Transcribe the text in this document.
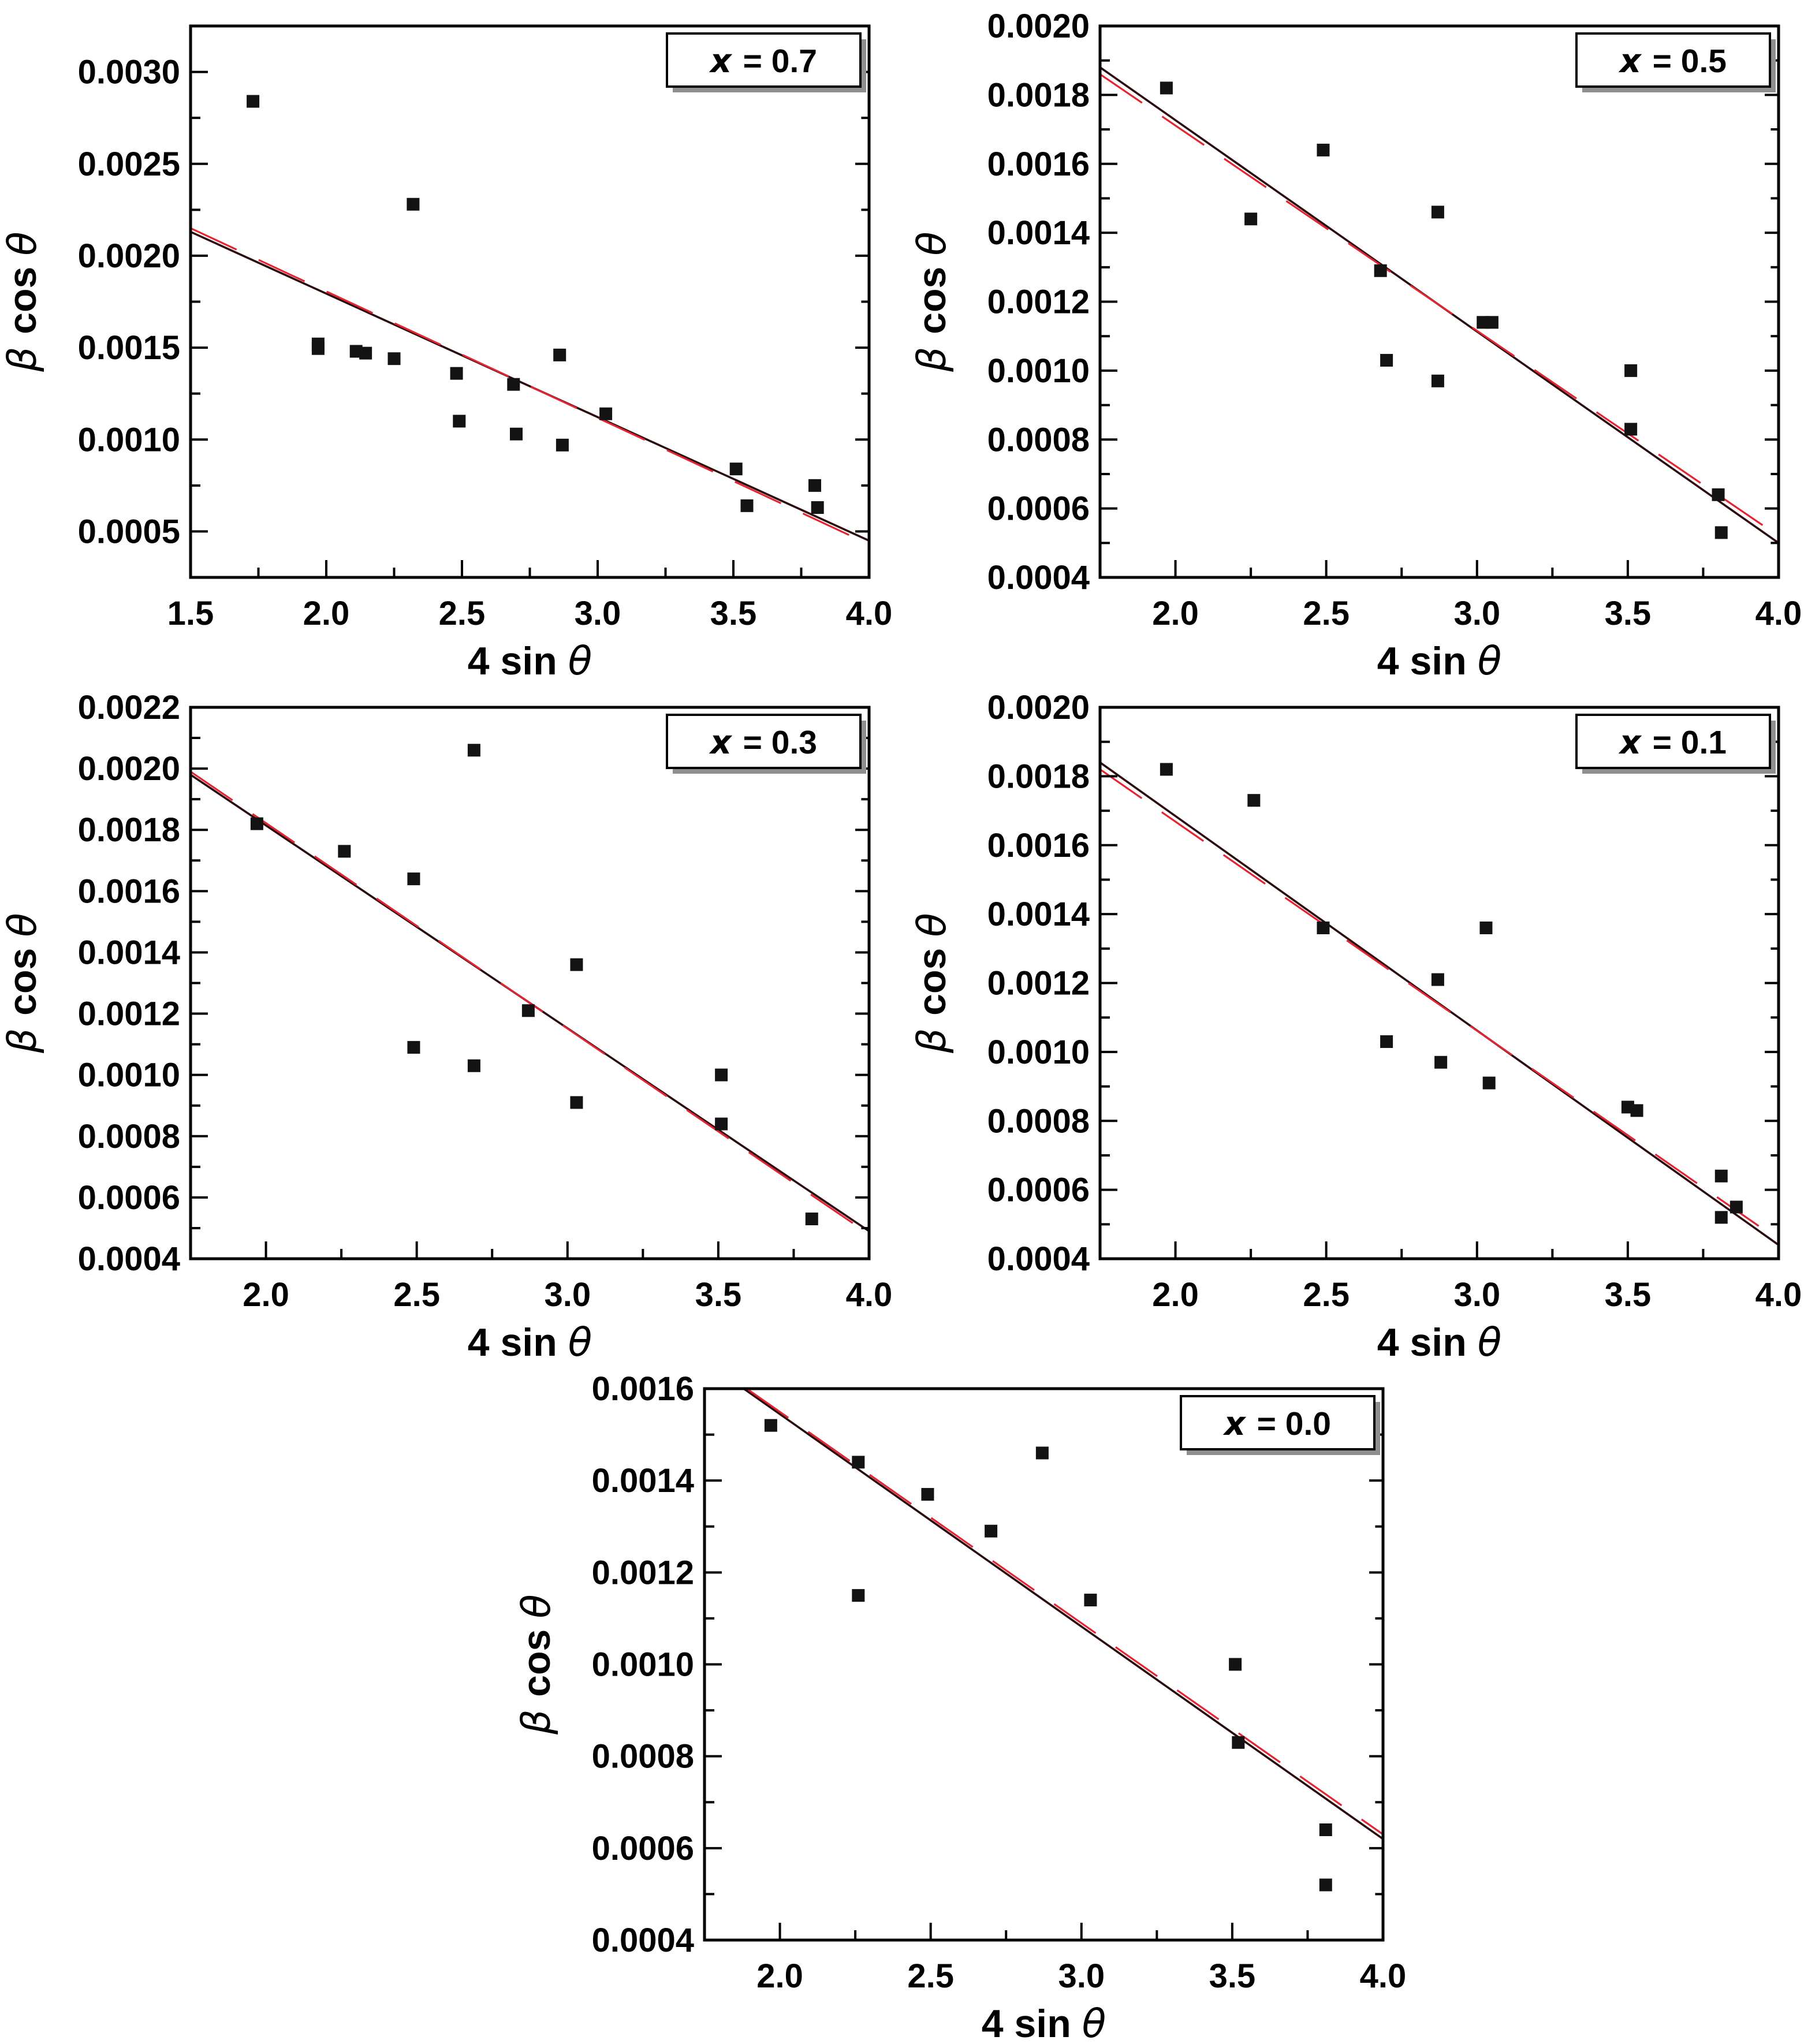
1.5	2.0	2.5	3.0	3.5	4.0
0.0005
0.0010
0.0015
0.0020
0.0025
0.0030
4 sin θ
β cos θ
x = 0.7
2.0	2.5	3.0	3.5	4.0
0.0004
0.0006
0.0008
0.0010
0.0012
0.0014
0.0016
0.0018
0.0020
4 sin θ
β cos θ
x = 0.5
2.0	2.5	3.0	3.5	4.0
0.0004
0.0006
0.0008
0.0010
0.0012
0.0014
0.0016
0.0018
0.0020
0.0022
4 sin θ
β cos θ
x = 0.3
2.0	2.5	3.0	3.5	4.0
0.0004
0.0006
0.0008
0.0010
0.0012
0.0014
0.0016
0.0018
0.0020
4 sin θ
β cos θ
x = 0.1
2.0	2.5	3.0	3.5	4.0
0.0004
0.0006
0.0008
0.0010
0.0012
0.0014
0.0016
4 sin θ
β cos θ
x = 0.0
